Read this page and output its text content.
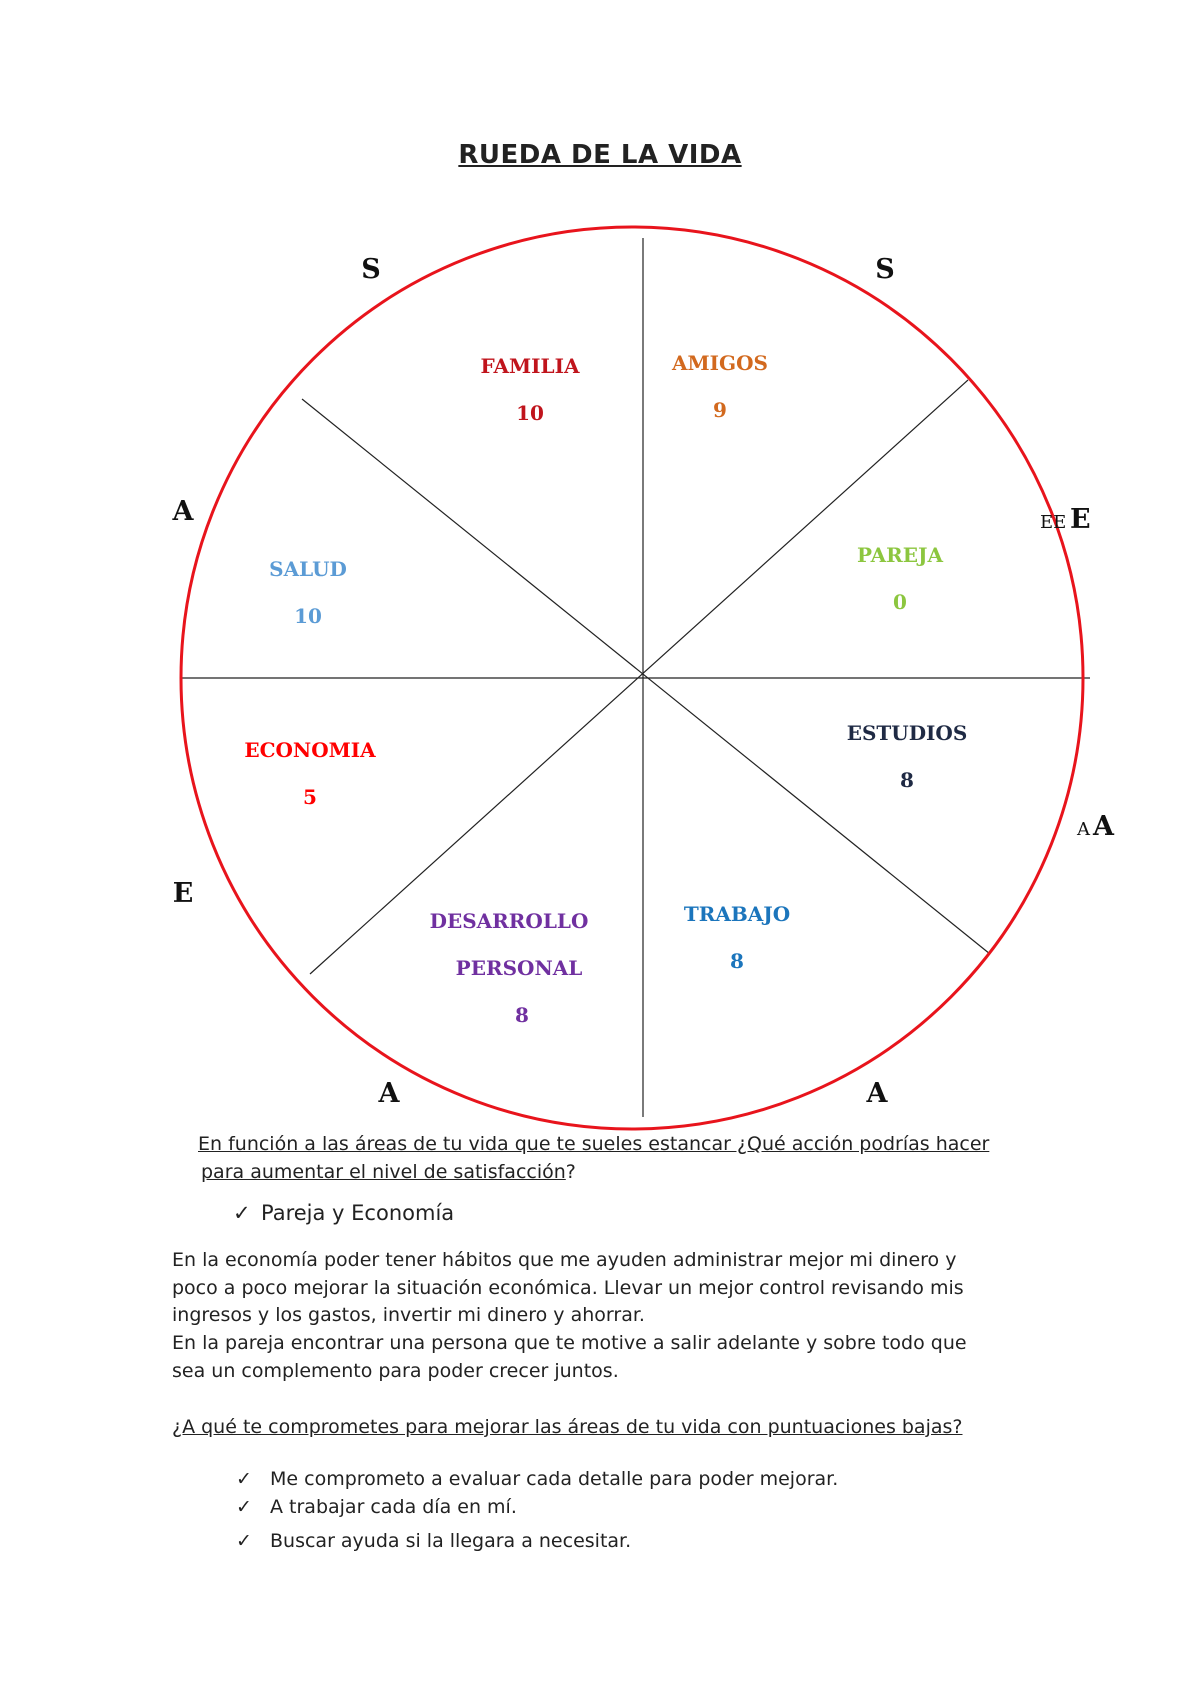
RUEDA DE LA VIDA
FAMILIA
10
AMIGOS
9
PAREJA
0
ESTUDIOS
8
TRABAJO
8
DESARROLLO
PERSONAL
8
ECONOMIA
5
SALUD
10
S	S
A
E
A	A
EE E
A A

En función a las áreas de tu vida que te sueles estancar ¿Qué acción podrías hacer

para aumentar el nivel de satisfacción?

✓ Pareja y Economía

En la economía poder tener hábitos que me ayuden administrar mejor mi dinero y
poco a poco mejorar la situación económica. Llevar un mejor control revisando mis
ingresos y los gastos, invertir mi dinero y ahorrar.
En la pareja encontrar una persona que te motive a salir adelante y sobre todo que
sea un complemento para poder crecer juntos.

¿A qué te comprometes para mejorar las áreas de tu vida con puntuaciones bajas?

✓ Me comprometo a evaluar cada detalle para poder mejorar.
✓ A trabajar cada día en mí.
✓ Buscar ayuda si la llegara a necesitar.
